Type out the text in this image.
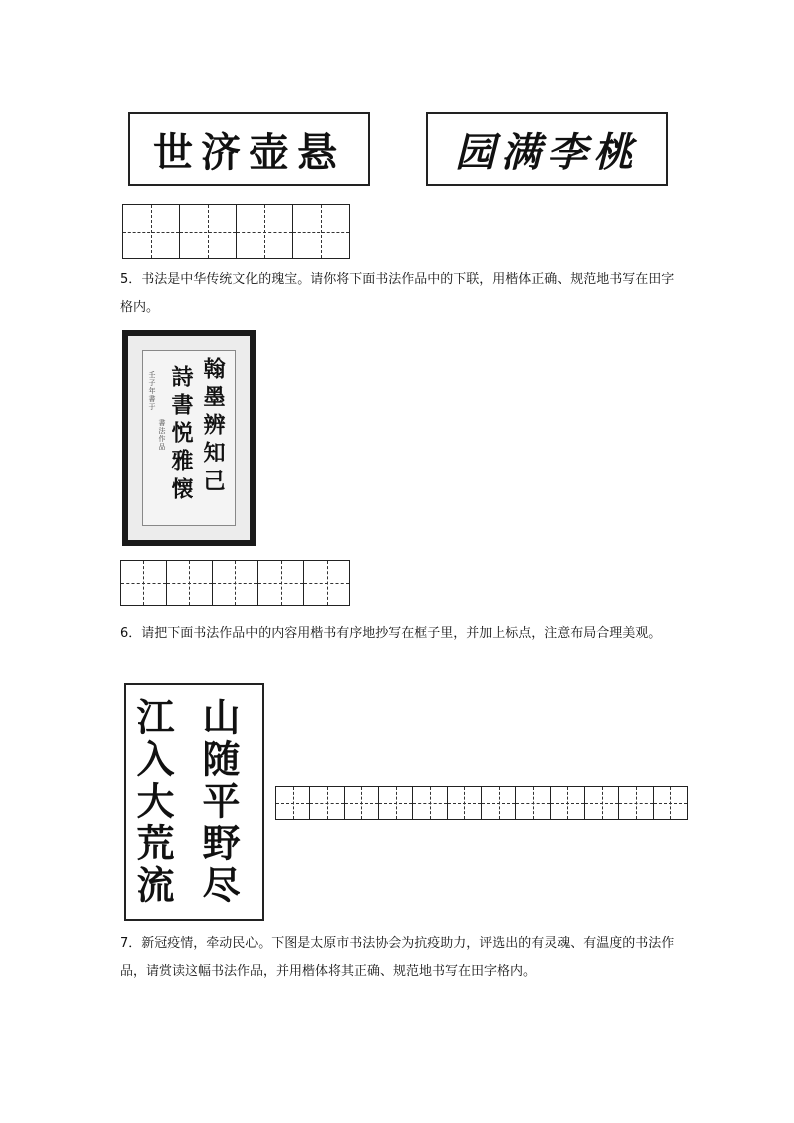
世济壶悬	园满李桃
5．书法是中华传统文化的瑰宝。请你将下面书法作品中的下联，用楷体正确、规范地书写在田字格内。
翰墨辨知己
詩書悦雅懐
壬子年書于
書法作品
6．请把下面书法作品中的内容用楷书有序地抄写在框子里，并加上标点，注意布局合理美观。
山随平野尽
江入大荒流
7．新冠疫情，牵动民心。下图是太原市书法协会为抗疫助力，评选出的有灵魂、有温度的书法作品，请赏读这幅书法作品，并用楷体将其正确、规范地书写在田字格内。
